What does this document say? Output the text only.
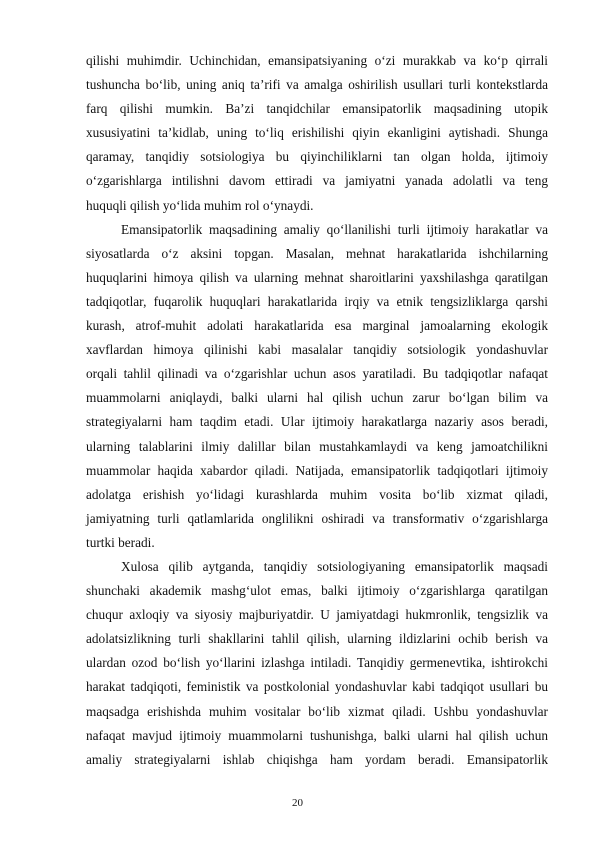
qilishi muhimdir. Uchinchidan, emansipatsiyaning o‘zi murakkab va ko‘p qirrali
tushuncha bo‘lib, uning aniq ta’rifi va amalga oshirilish usullari turli kontekstlarda
farq qilishi mumkin. Ba’zi tanqidchilar emansipatorlik maqsadining utopik
xususiyatini ta’kidlab, uning to‘liq erishilishi qiyin ekanligini aytishadi. Shunga
qaramay, tanqidiy sotsiologiya bu qiyinchiliklarni tan olgan holda, ijtimoiy
o‘zgarishlarga intilishni davom ettiradi va jamiyatni yanada adolatli va teng
huquqli qilish yo‘lida muhim rol o‘ynaydi.

Emansipatorlik maqsadining amaliy qo‘llanilishi turli ijtimoiy harakatlar va
siyosatlarda o‘z aksini topgan. Masalan, mehnat harakatlarida ishchilarning
huquqlarini himoya qilish va ularning mehnat sharoitlarini yaxshilashga qaratilgan
tadqiqotlar, fuqarolik huquqlari harakatlarida irqiy va etnik tengsizliklarga qarshi
kurash, atrof-muhit adolati harakatlarida esa marginal jamoalarning ekologik
xavflardan himoya qilinishi kabi masalalar tanqidiy sotsiologik yondashuvlar
orqali tahlil qilinadi va o‘zgarishlar uchun asos yaratiladi. Bu tadqiqotlar nafaqat
muammolarni aniqlaydi, balki ularni hal qilish uchun zarur bo‘lgan bilim va
strategiyalarni ham taqdim etadi. Ular ijtimoiy harakatlarga nazariy asos beradi,
ularning talablarini ilmiy dalillar bilan mustahkamlaydi va keng jamoatchilikni
muammolar haqida xabardor qiladi. Natijada, emansipatorlik tadqiqotlari ijtimoiy
adolatga erishish yo‘lidagi kurashlarda muhim vosita bo‘lib xizmat qiladi,
jamiyatning turli qatlamlarida onglilikni oshiradi va transformativ o‘zgarishlarga
turtki beradi.

Xulosa qilib aytganda, tanqidiy sotsiologiyaning emansipatorlik maqsadi
shunchaki akademik mashg‘ulot emas, balki ijtimoiy o‘zgarishlarga qaratilgan
chuqur axloqiy va siyosiy majburiyatdir. U jamiyatdagi hukmronlik, tengsizlik va
adolatsizlikning turli shakllarini tahlil qilish, ularning ildizlarini ochib berish va
ulardan ozod bo‘lish yo‘llarini izlashga intiladi. Tanqidiy germenevtika, ishtirokchi
harakat tadqiqoti, feministik va postkolonial yondashuvlar kabi tadqiqot usullari bu
maqsadga erishishda muhim vositalar bo‘lib xizmat qiladi. Ushbu yondashuvlar
nafaqat mavjud ijtimoiy muammolarni tushunishga, balki ularni hal qilish uchun
amaliy strategiyalarni ishlab chiqishga ham yordam beradi. Emansipatorlik

20
